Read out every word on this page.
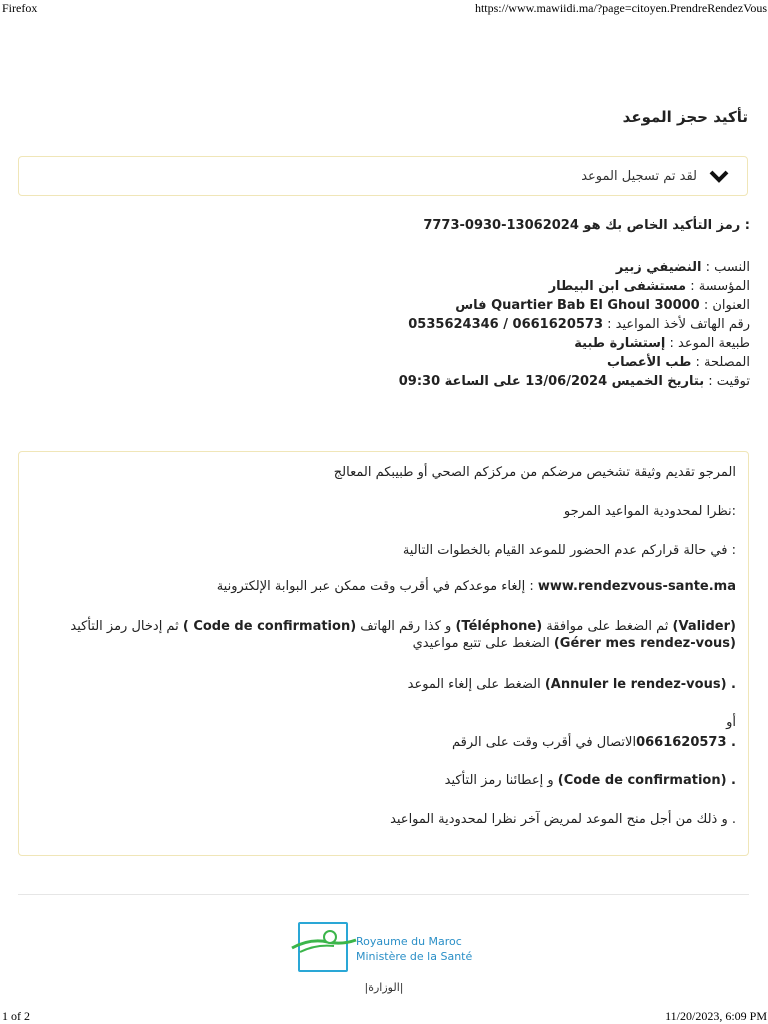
Firefox	https://www.mawiidi.ma/?page=citoyen.PrendreRendezVous
تأكيد حجز الموعد
لقد تم تسجيل الموعد
: رمز التأكيد الخاص بك هو 13062024-0930-7773
النسب : النضيفي زبير
المؤسسة : مستشفى ابن البيطار
العنوان : Quartier Bab El Ghoul 30000 فاس
رقم الهاتف لأخذ المواعيد : 0661620573 / 0535624346
طبيعة الموعد : إستشارة طبية
المصلحة : طب الأعصاب
توقيت : بتاريخ الخميس 13/06/2024 على الساعة 09:30
المرجو تقديم وثيقة تشخيص مرضكم من مركزكم الصحي أو طبيبكم المعالج
:نظرا لمحدودية المواعيد المرجو
: في حالة قراركم عدم الحضور للموعد القيام بالخطوات التالية
www.rendezvous-sante.ma : إلغاء موعدكم في أقرب وقت ممكن عبر البوابة الإلكترونية
(Valider) ثم الضغط على موافقة (Téléphone) و كذا رقم الهاتف (Code de confirmation ) ثم إدخال رمز التأكيد (Gérer mes rendez-vous) الضغط على تتبع مواعيدي
. (Annuler le rendez-vous) الضغط على إلغاء الموعد
أو
. 0661620573الاتصال في أقرب وقت على الرقم
. (Code de confirmation) و إعطائنا رمز التأكيد
. و ذلك من أجل منح الموعد لمريض آخر نظرا لمحدودية المواعيد
Royaume du Maroc
Ministère de la Santé
|الوزارة|
1 of 2	11/20/2023, 6:09 PM
